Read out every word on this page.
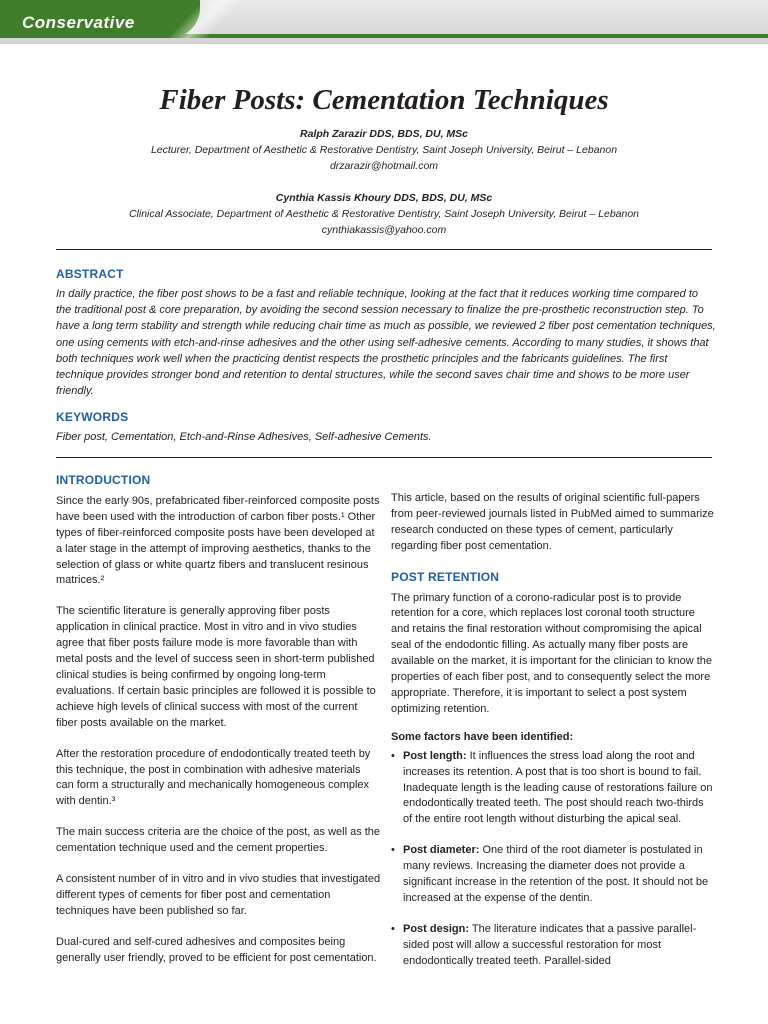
Conservative
Fiber Posts: Cementation Techniques
Ralph Zarazir DDS, BDS, DU, MSc
Lecturer, Department of Aesthetic & Restorative Dentistry, Saint Joseph University, Beirut – Lebanon
drzarazir@hotmail.com
Cynthia Kassis Khoury DDS, BDS, DU, MSc
Clinical Associate, Department of Aesthetic & Restorative Dentistry, Saint Joseph University, Beirut – Lebanon
cynthiakassis@yahoo.com
ABSTRACT
In daily practice, the fiber post shows to be a fast and reliable technique, looking at the fact that it reduces working time compared to the traditional post & core preparation, by avoiding the second session necessary to finalize the pre-prosthetic reconstruction step. To have a long term stability and strength while reducing chair time as much as possible, we reviewed 2 fiber post cementation techniques, one using cements with etch-and-rinse adhesives and the other using self-adhesive cements. According to many studies, it shows that both techniques work well when the practicing dentist respects the prosthetic principles and the fabricants guidelines. The first technique provides stronger bond and retention to dental structures, while the second saves chair time and shows to be more user friendly.
KEYWORDS
Fiber post, Cementation, Etch-and-Rinse Adhesives, Self-adhesive Cements.
INTRODUCTION

Since the early 90s, prefabricated fiber-reinforced composite posts have been used with the introduction of carbon fiber posts.¹ Other types of fiber-reinforced composite posts have been developed at a later stage in the attempt of improving aesthetics, thanks to the selection of glass or white quartz fibers and translucent resinous matrices.²

The scientific literature is generally approving fiber posts application in clinical practice. Most in vitro and in vivo studies agree that fiber posts failure mode is more favorable than with metal posts and the level of success seen in short-term published clinical studies is being confirmed by ongoing long-term evaluations. If certain basic principles are followed it is possible to achieve high levels of clinical success with most of the current fiber posts available on the market.

After the restoration procedure of endodontically treated teeth by this technique, the post in combination with adhesive materials can form a structurally and mechanically homogeneous complex with dentin.³

The main success criteria are the choice of the post, as well as the cementation technique used and the cement properties.

A consistent number of in vitro and in vivo studies that investigated different types of cements for fiber post and cementation techniques have been published so far.

Dual-cured and self-cured adhesives and composites being generally user friendly, proved to be efficient for post cementation.

This article, based on the results of original scientific full-papers from peer-reviewed journals listed in PubMed aimed to summarize research conducted on these types of cement, particularly regarding fiber post cementation.

POST RETENTION

The primary function of a corono-radicular post is to provide retention for a core, which replaces lost coronal tooth structure and retains the final restoration without compromising the apical seal of the endodontic filling. As actually many fiber posts are available on the market, it is important for the clinician to know the properties of each fiber post, and to consequently select the more appropriate. Therefore, it is important to select a post system optimizing retention.

Some factors have been identified:
• Post length: It influences the stress load along the root and increases its retention. A post that is too short is bound to fail. Inadequate length is the leading cause of restorations failure on endodontically treated teeth. The post should reach two-thirds of the entire root length without disturbing the apical seal.
• Post diameter: One third of the root diameter is postulated in many reviews. Increasing the diameter does not provide a significant increase in the retention of the post. It should not be increased at the expense of the dentin.
• Post design: The literature indicates that a passive parallel-sided post will allow a successful restoration for most endodontically treated teeth. Parallel-sided
